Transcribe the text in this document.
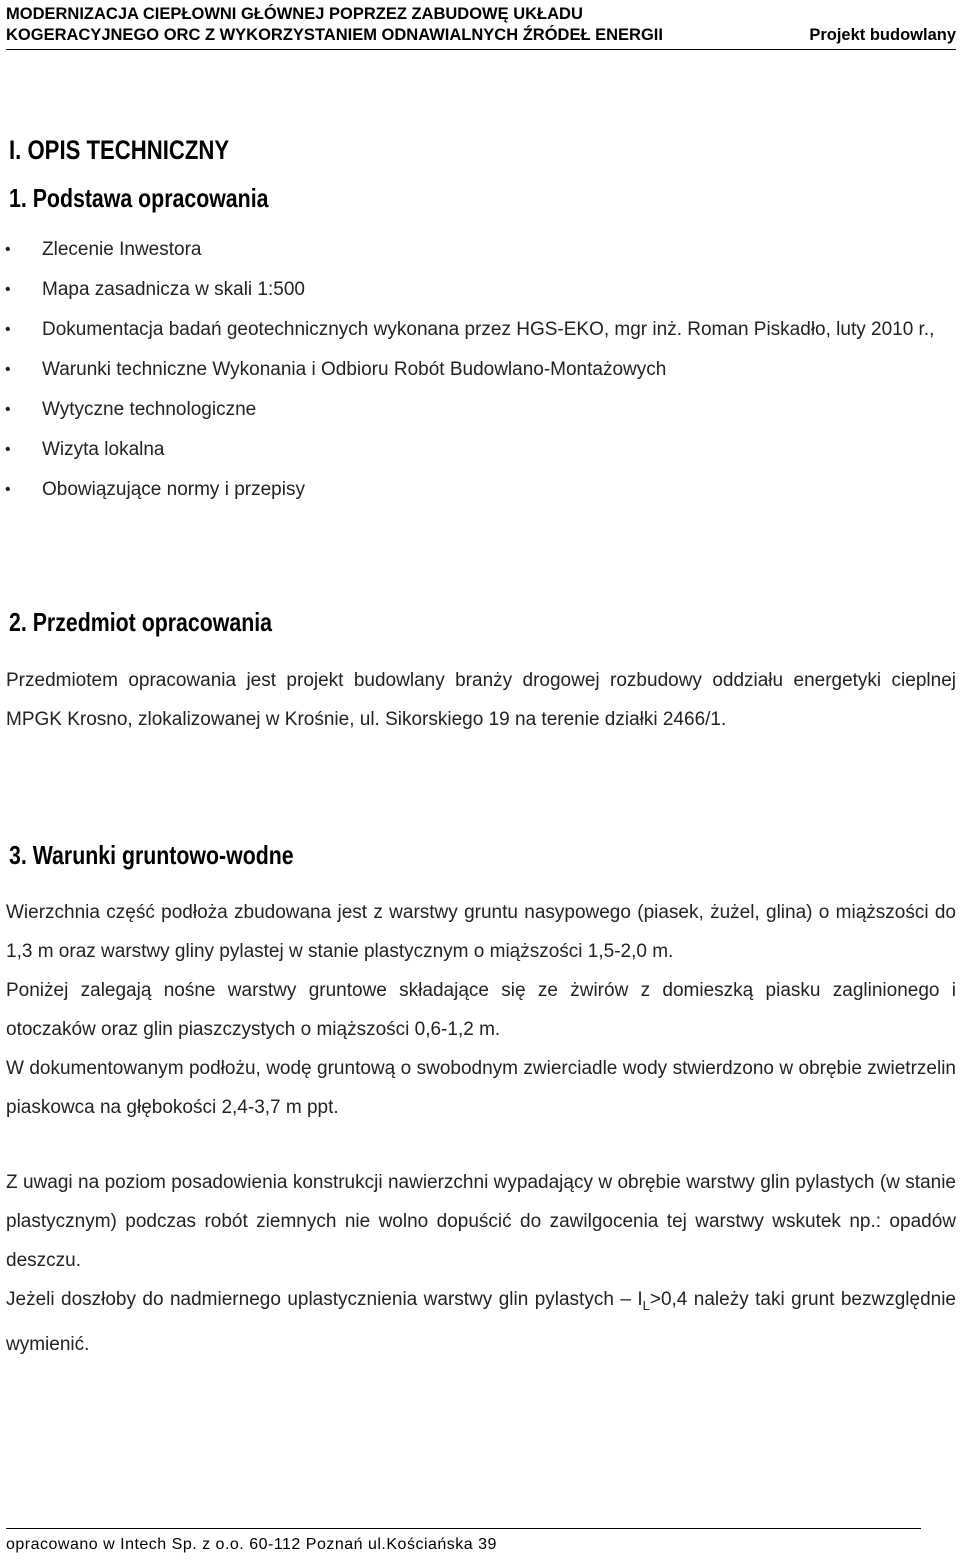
MODERNIZACJA CIEPŁOWNI GŁÓWNEJ POPRZEZ ZABUDOWĘ UKŁADU
KOGERACYJNEGO ORC Z WYKORZYSTANIEM ODNAWIALNYCH ŹRÓDEŁ ENERGII	Projekt budowlany
I. OPIS TECHNICZNY
1. Podstawa opracowania
• Zlecenie Inwestora
• Mapa zasadnicza w skali 1:500
• Dokumentacja badań geotechnicznych wykonana przez HGS-EKO, mgr inż. Roman Piskadło, luty 2010 r.,
• Warunki techniczne Wykonania i Odbioru Robót Budowlano-Montażowych
• Wytyczne technologiczne
• Wizyta lokalna
• Obowiązujące normy i przepisy
2. Przedmiot opracowania

Przedmiotem opracowania jest projekt budowlany branży drogowej rozbudowy oddziału energetyki cieplnej MPGK Krosno, zlokalizowanej w Krośnie, ul. Sikorskiego 19 na terenie działki 2466/1.

3. Warunki gruntowo-wodne

Wierzchnia część podłoża zbudowana jest z warstwy gruntu nasypowego (piasek, żużel, glina) o miąższości do 1,3 m oraz warstwy gliny pylastej w stanie plastycznym o miąższości 1,5-2,0 m.

Poniżej zalegają nośne warstwy gruntowe składające się ze żwirów z domieszką piasku zaglinionego i otoczaków oraz glin piaszczystych o miąższości 0,6-1,2 m.

W dokumentowanym podłożu, wodę gruntową o swobodnym zwierciadle wody stwierdzono w obrębie zwietrzelin piaskowca na głębokości 2,4-3,7 m ppt.

Z uwagi na poziom posadowienia konstrukcji nawierzchni wypadający w obrębie warstwy glin pylastych (w stanie plastycznym) podczas robót ziemnych nie wolno dopuścić do zawilgocenia tej warstwy wskutek np.: opadów deszczu.

Jeżeli doszłoby do nadmiernego uplastycznienia warstwy glin pylastych – $I_L>0,4$ należy taki grunt bezwzględnie wymienić.

opracowano w Intech Sp. z o.o. 60-112 Poznań ul.Kościańska 39
